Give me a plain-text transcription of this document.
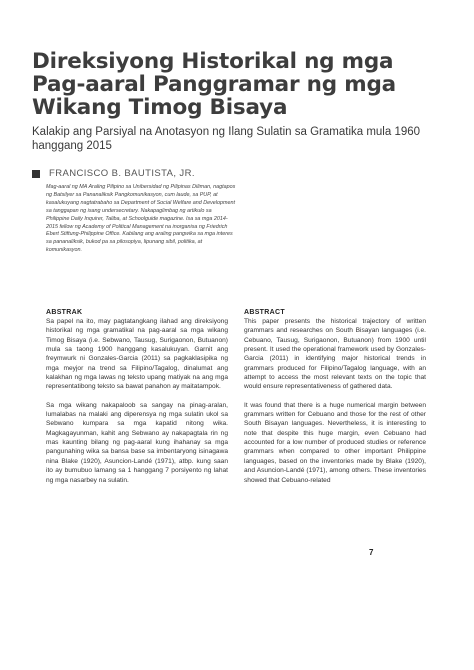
Direksiyong Historikal ng mga Pag-aaral Panggramar ng mga Wikang Timog Bisaya

Kalakip ang Parsiyal na Anotasyon ng Ilang Sulatin sa Gramatika mula 1960 hanggang 2015

FRANCISCO B. BAUTISTA, JR.

Mag-aaral ng MA Araling Pilipino sa Unibersidad ng Pilipinas Diliman, nagtapos ng Batsilyer sa Pananaliksik Pangkomunikasyon, cum laude, sa PUP, at kasalukuyang nagtatrabaho sa Department of Social Welfare and Development sa tanggapan ng isang undersecretary. Nakapaglimbag ng artikulo sa Philippine Daily Inquirer, Taliba, at Schoolguide magazine. Isa sa mga 2014-2015 fellow ng Academy of Political Management na inorganisa ng Friedrich Ebert Stiftung-Philippine Office. Kabilang ang araling pangwika sa mga interes sa pananaliksik, bukod pa sa pilosopiya, lipunang sibil, politika, at komunikasyon.

ABSTRAK

Sa papel na ito, may pagtatangkang ilahad ang direksiyong historikal ng mga gramatikal na pag-aaral sa mga wikang Timog Bisaya (i.e. Sebwano, Tausug, Surigaonon, Butuanon) mula sa taong 1900 hanggang kasalukuyan. Garnit ang freymwurk ni Gonzales-Garcia (2011) sa pagkaklasipika ng mga meyjor na trend sa Filipino/Tagalog, dinalumat ang kalakhan ng mga lawas ng teksto upang matiyak na ang mga representatibong teksto sa bawat panahon ay maitatampok.

Sa mga wikang nakapaloob sa sangay na pinag-aralan, lumalabas na malaki ang diperensya ng mga sulatin ukol sa Sebwano kumpara sa mga kapatid nitong wika. Magkagayunman, kahit ang Sebwano ay nakapagtala rin ng mas kaunting bilang ng pag-aaral kung ihahanay sa mga pangunahing wika sa bansa base sa imbentaryong isinagawa nina Blake (1920), Asuncion-Landé (1971), atbp. kung saan ito ay bumubuo lamang sa 1 hanggang 7 porsiyento ng lahat ng mga nasarbey na sulatin.

ABSTRACT

This paper presents the historical trajectory of written grammars and researches on South Bisayan languages (i.e. Cebuano, Tausug, Surigaonon, Butuanon) from 1900 until present. It used the operational framework used by Gonzales-Garcia (2011) in identifying major historical trends in grammars produced for Filipino/Tagalog language, with an attempt to access the most relevant texts on the topic that would ensure representativeness of gathered data.

It was found that there is a huge numerical margin between grammars written for Cebuano and those for the rest of other South Bisayan languages. Nevertheless, it is interesting to note that despite this huge margin, even Cebuano had accounted for a low number of produced studies or reference grammars when compared to other important Philippine languages, based on the inventories made by Blake (1920), and Asuncion-Landé (1971), among others. These inventories showed that Cebuano-related

7
